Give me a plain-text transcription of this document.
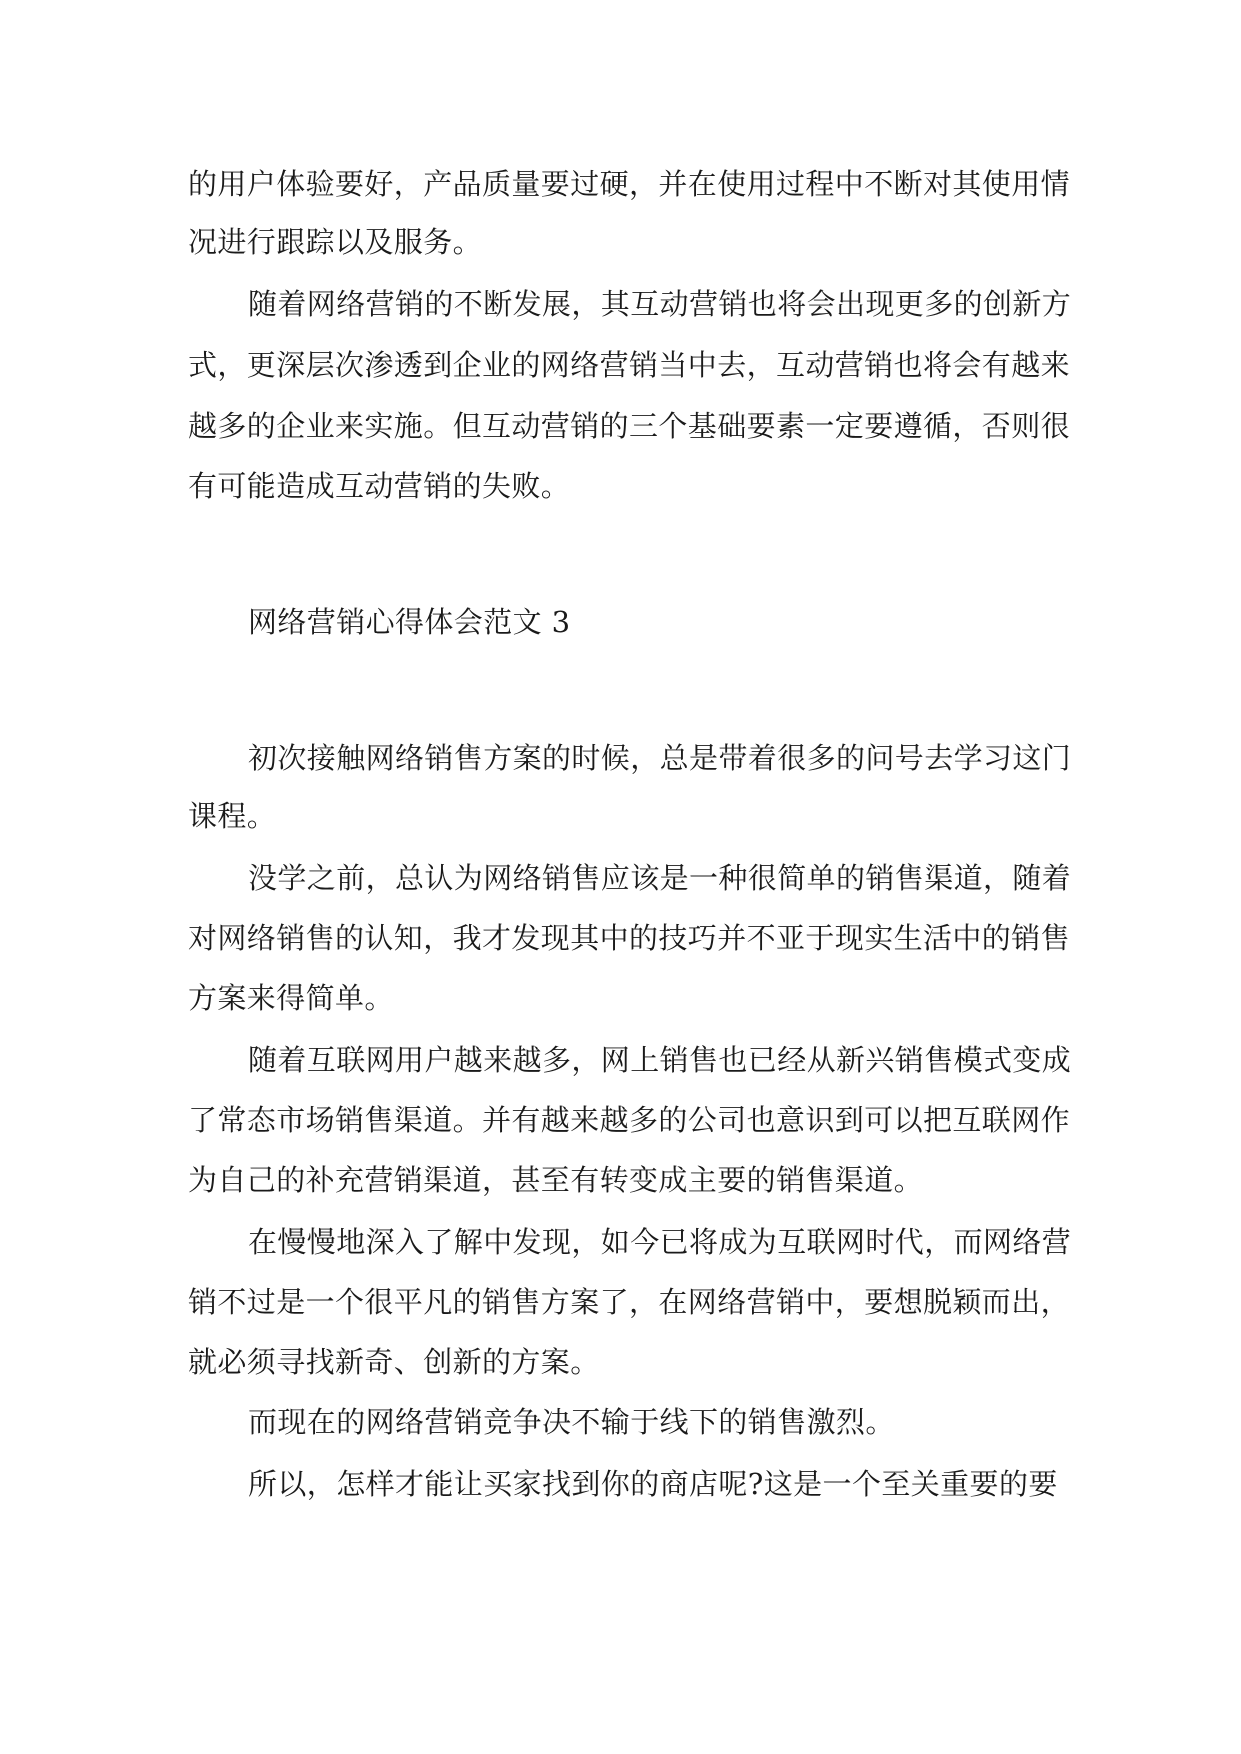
的用户体验要好，产品质量要过硬，并在使用过程中不断对其使用情
况进行跟踪以及服务。
随着网络营销的不断发展，其互动营销也将会出现更多的创新方
式，更深层次渗透到企业的网络营销当中去，互动营销也将会有越来
越多的企业来实施。但互动营销的三个基础要素一定要遵循，否则很
有可能造成互动营销的失败。
网络营销心得体会范文 3
初次接触网络销售方案的时候，总是带着很多的问号去学习这门
课程。
没学之前，总认为网络销售应该是一种很简单的销售渠道，随着
对网络销售的认知，我才发现其中的技巧并不亚于现实生活中的销售
方案来得简单。
随着互联网用户越来越多，网上销售也已经从新兴销售模式变成
了常态市场销售渠道。并有越来越多的公司也意识到可以把互联网作
为自己的补充营销渠道，甚至有转变成主要的销售渠道。
在慢慢地深入了解中发现，如今已将成为互联网时代，而网络营
销不过是一个很平凡的销售方案了，在网络营销中，要想脱颖而出，
就必须寻找新奇、创新的方案。
而现在的网络营销竞争决不输于线下的销售激烈。
所以，怎样才能让买家找到你的商店呢?这是一个至关重要的要
